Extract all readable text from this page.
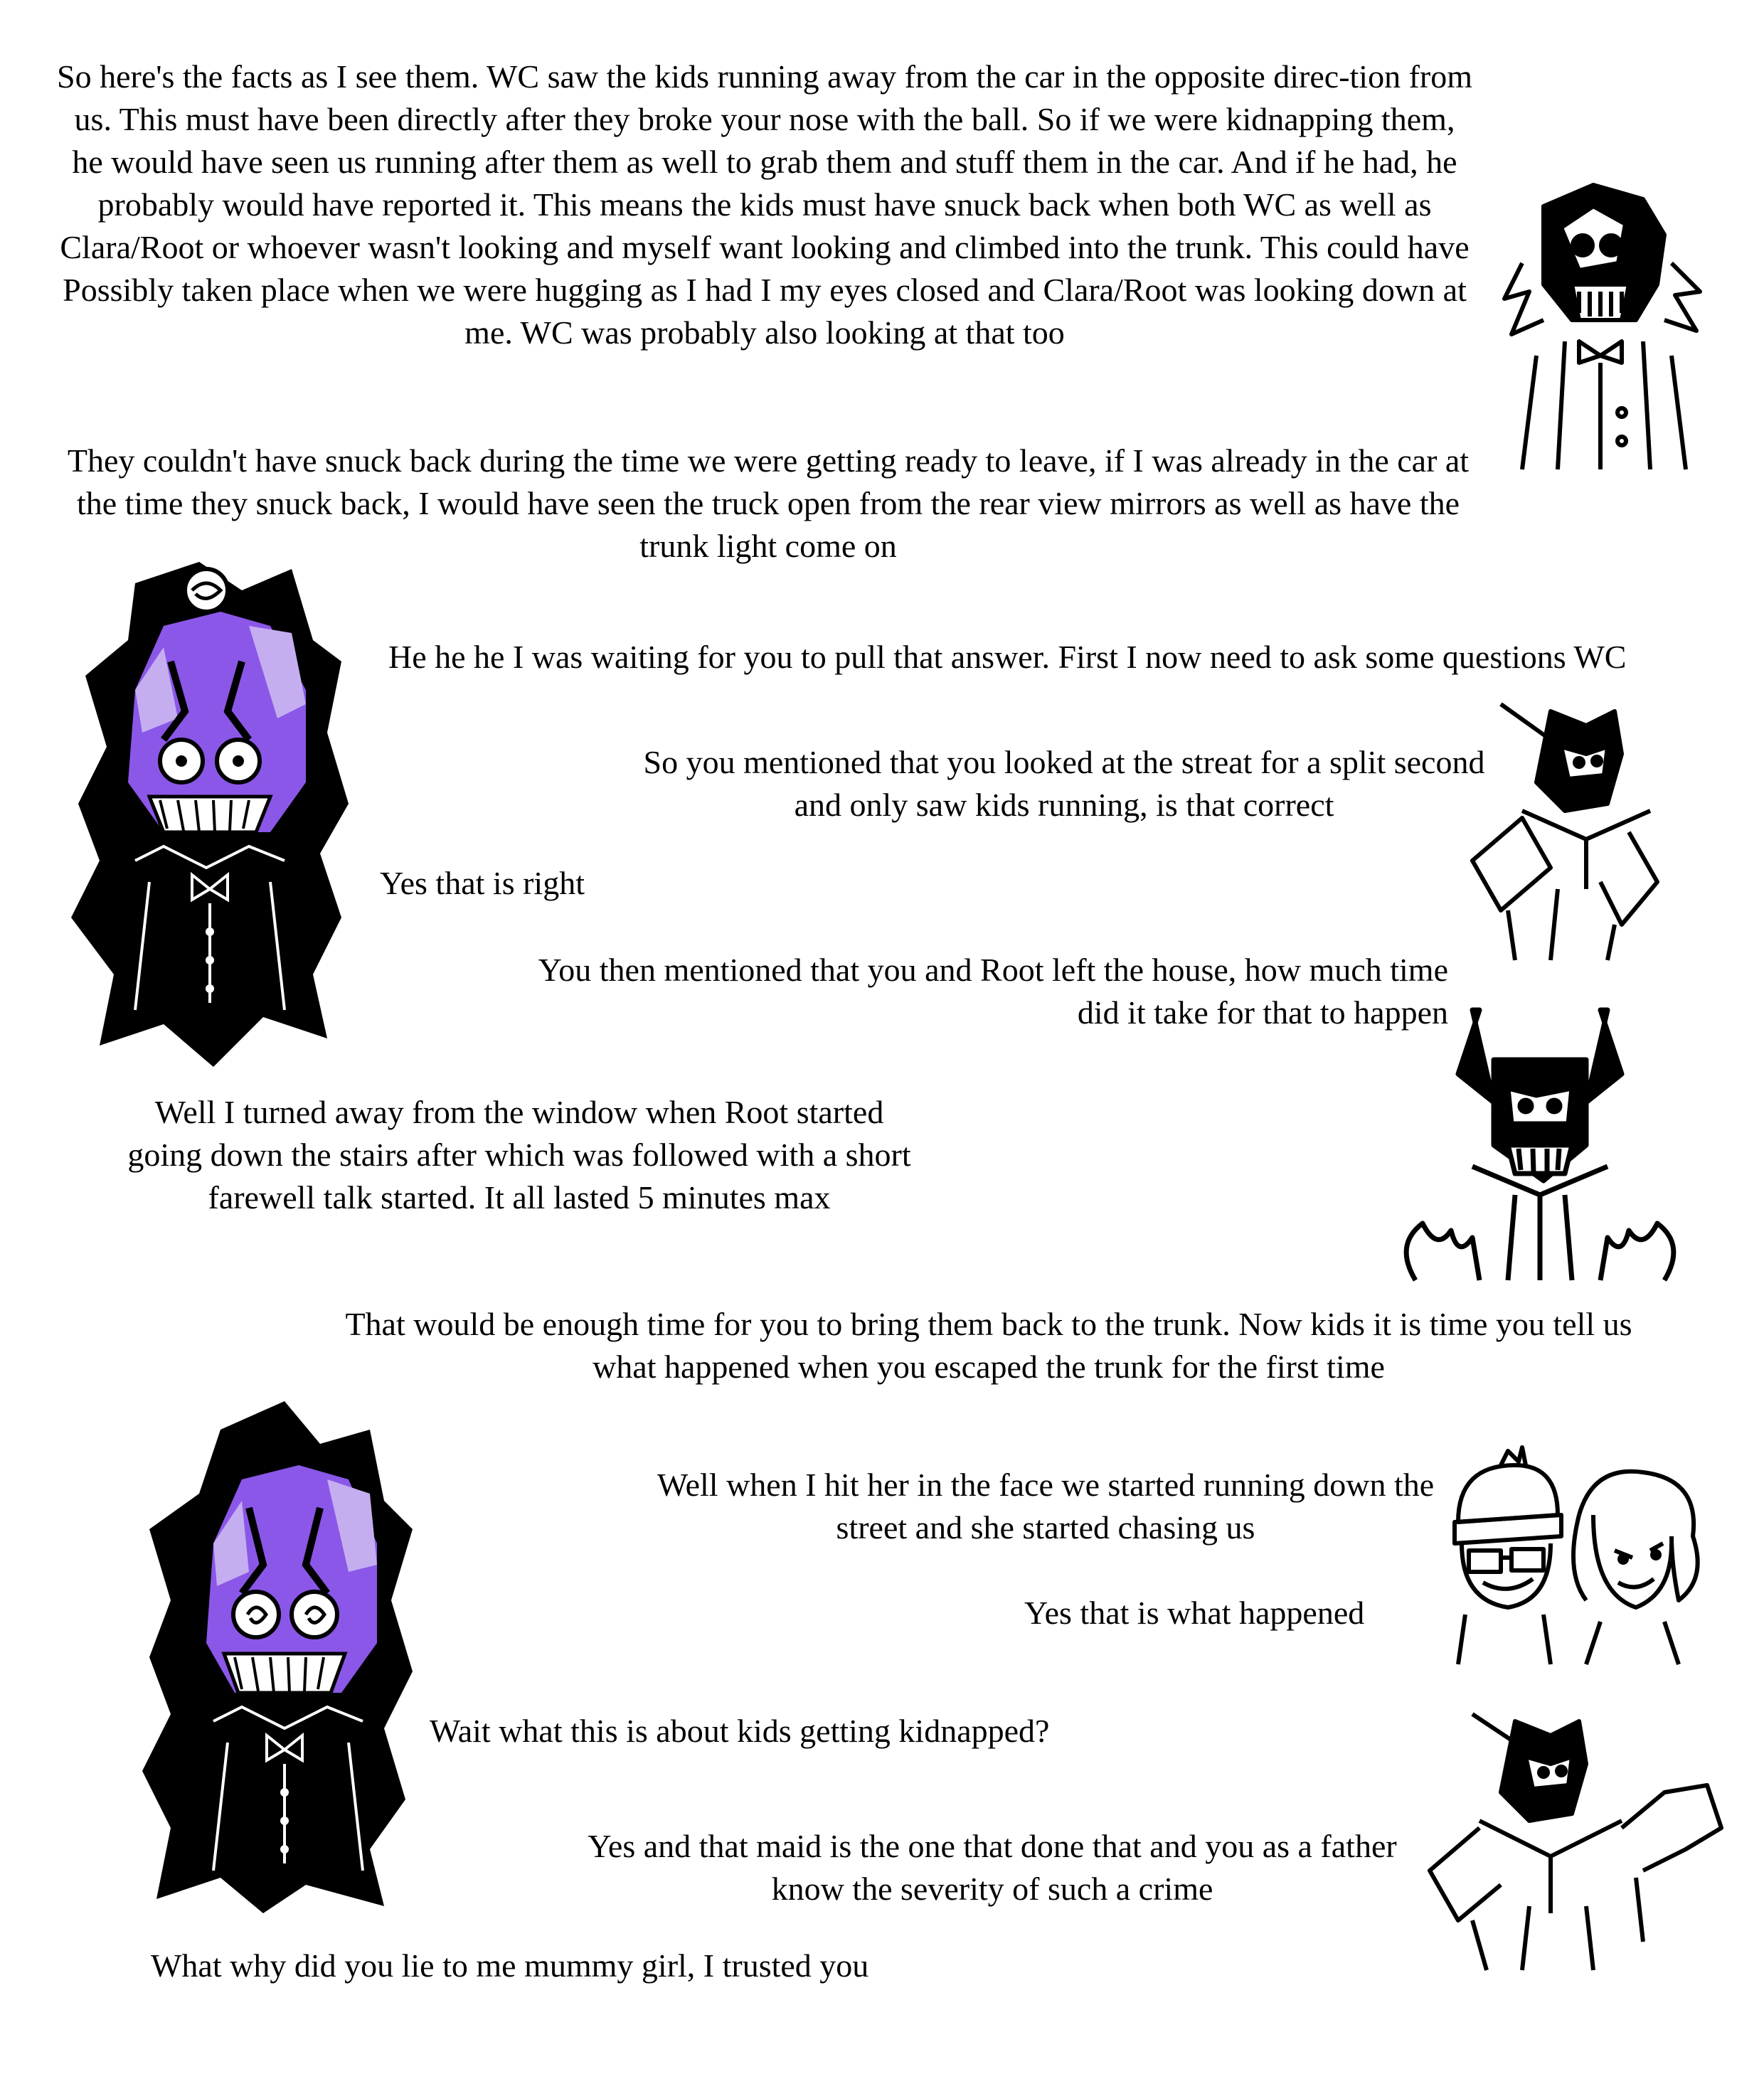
So here's the facts as I see them. WC saw the kids running away from the car in the opposite direc-tion from us. This must have been directly after they broke your nose with the ball. So if we were kidnapping them, he would have seen us running after them as well to grab them and stuff them in the car. And if he had, he probably would have reported it. This means the kids must have snuck back when both WC as well as Clara/Root or whoever wasn't looking and myself want looking and climbed into the trunk. This could have Possibly taken place when we were hugging as I had I my eyes closed and Clara/Root was looking down at me. WC was probably also looking at that too

They couldn't have snuck back during the time we were getting ready to leave, if I was already in the car at the time they snuck back, I would have seen the truck open from the rear view mirrors as well as have the trunk light come on

He he he I was waiting for you to pull that answer. First I now need to ask some questions WC

So you mentioned that you looked at the streat for a split second and only saw kids running, is that correct

Yes that is right

You then mentioned that you and Root left the house, how much time did it take for that to happen

Well I turned away from the window when Root started going down the stairs after which was followed with a short farewell talk started. It all lasted 5 minutes max

That would be enough time for you to bring them back to the trunk. Now kids it is time you tell us what happened when you escaped the trunk for the first time

Well when I hit her in the face we started running down the street and she started chasing us

Yes that is what happened

Wait what this is about kids getting kidnapped?

Yes and that maid is the one that done that and you as a father know the severity of such a crime

What why did you lie to me mummy girl, I trusted you
